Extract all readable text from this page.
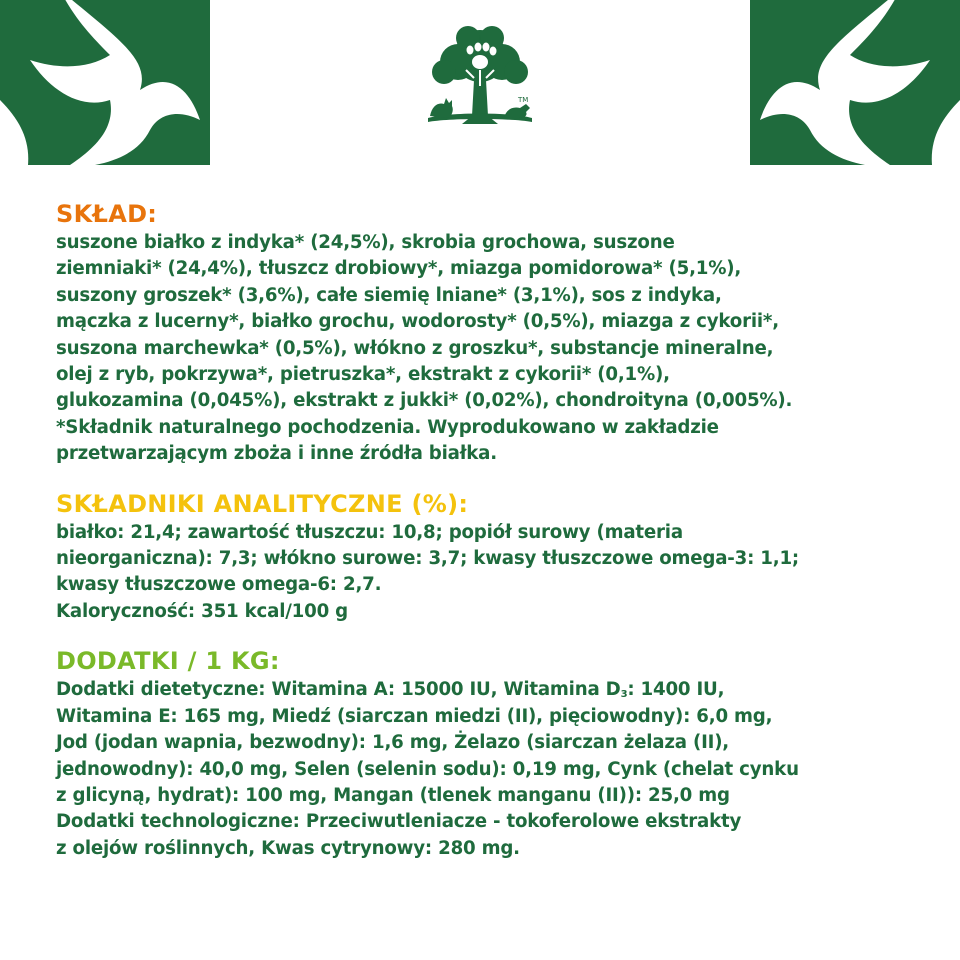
TM
SKŁAD:
suszone białko z indyka* (24,5%), skrobia grochowa, suszone
ziemniaki* (24,4%), tłuszcz drobiowy*, miazga pomidorowa* (5,1%),
suszony groszek* (3,6%), całe siemię lniane* (3,1%), sos z indyka,
mączka z lucerny*, białko grochu, wodorosty* (0,5%), miazga z cykorii*,
suszona marchewka* (0,5%), włókno z groszku*, substancje mineralne,
olej z ryb, pokrzywa*, pietruszka*, ekstrakt z cykorii* (0,1%),
glukozamina (0,045%), ekstrakt z jukki* (0,02%), chondroityna (0,005%).
*Składnik naturalnego pochodzenia. Wyprodukowano w zakładzie
przetwarzającym zboża i inne źródła białka.
SKŁADNIKI ANALITYCZNE (%):
białko: 21,4; zawartość tłuszczu: 10,8; popiół surowy (materia
nieorganiczna): 7,3; włókno surowe: 3,7; kwasy tłuszczowe omega-3: 1,1;
kwasy tłuszczowe omega-6: 2,7.
Kaloryczność: 351 kcal/100 g
DODATKI / 1 KG:
Dodatki dietetyczne: Witamina A: 15000 IU, Witamina $D_3$: 1400 IU,
Witamina E: 165 mg, Miedź (siarczan miedzi (II), pięciowodny): 6,0 mg,
Jod (jodan wapnia, bezwodny): 1,6 mg, Żelazo (siarczan żelaza (II),
jednowodny): 40,0 mg, Selen (selenin sodu): 0,19 mg, Cynk (chelat cynku
z glicyną, hydrat): 100 mg, Mangan (tlenek manganu (II)): 25,0 mg
Dodatki technologiczne: Przeciwutleniacze - tokoferolowe ekstrakty
z olejów roślinnych, Kwas cytrynowy: 280 mg.
